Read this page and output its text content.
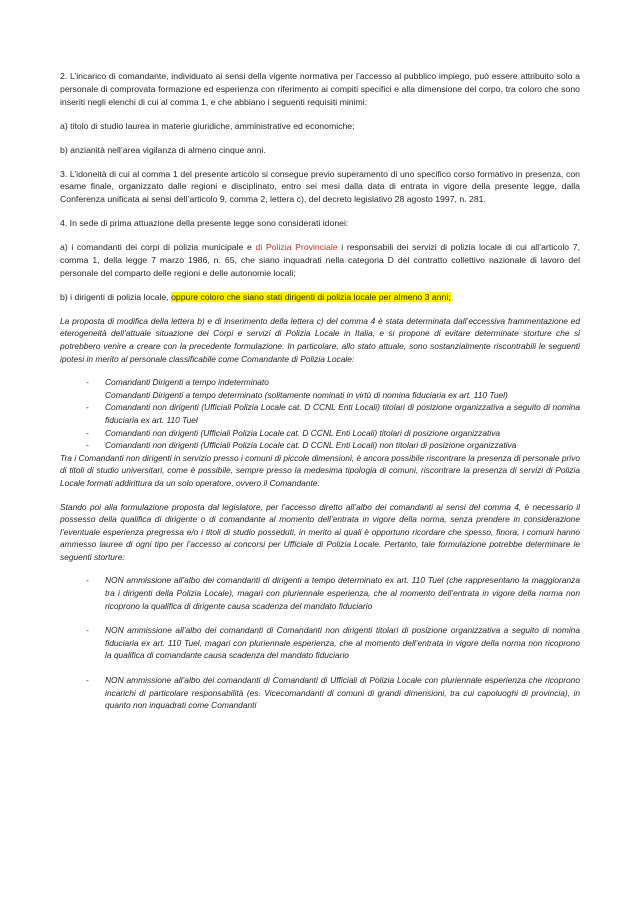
2. L’incarico di comandante, individuato ai sensi della vigente normativa per l’accesso al pubblico impiego, può essere attribuito solo a personale di comprovata formazione ed esperienza con riferimento ai compiti specifici e alla dimensione del corpo, tra coloro che sono inseriti negli elenchi di cui al comma 1, e che abbiano i seguenti requisiti minimi:

a) titolo di studio laurea in materie giuridiche, amministrative ed economiche;

b) anzianità nell’area vigilanza di almeno cinque anni.

3. L’idoneità di cui al comma 1 del presente articolo si consegue previo superamento di uno specifico corso formativo in presenza, con esame finale, organizzato dalle regioni e disciplinato, entro sei mesi dalla data di entrata in vigore della presente legge, dalla Conferenza unificata ai sensi dell’articolo 9, comma 2, lettera c), del decreto legislativo 28 agosto 1997, n. 281.

4. In sede di prima attuazione della presente legge sono considerati idonei:

a) i comandanti dei corpi di polizia municipale e di Polizia Provinciale i responsabili dei servizi di polizia locale di cui all’articolo 7, comma 1, della legge 7 marzo 1986, n. 65, che siano inquadrati nella categoria D del contratto collettivo nazionale di lavoro del personale del comparto delle regioni e delle autonomie locali;

b) i dirigenti di polizia locale, oppure coloro che siano stati dirigenti di polizia locale per almeno 3 anni;

La proposta di modifica della lettera b) e di inserimento della lettera c) del comma 4 è stata determinata dall’eccessiva frammentazione ed eterogeneità dell’attuale situazione dei Corpi e servizi di Polizia Locale in Italia, e si propone di evitare determinate storture che si potrebbero venire a creare con la precedente formulazione. In particolare, allo stato attuale, sono sostanzialmente riscontrabili le seguenti ipotesi in merito al personale classificabile come Comandante di Polizia Locale:

- Comandanti Dirigenti a tempo indeterminato
Comandanti Dirigenti a tempo determinato (solitamente nominati in virtù di nomina fiduciaria ex art. 110 Tuel)
- Comandanti non dirigenti (Ufficiali Polizia Locale cat. D CCNL Enti Locali) titolari di posizione organizzativa a seguito di nomina fiduciaria ex art. 110 Tuel
- Comandanti non dirigenti (Ufficiali Polizia Locale cat. D CCNL Enti Locali) titolari di posizione organizzativa
- Comandanti non dirigenti (Ufficiali Polizia Locale cat. D CCNL Enti Locali) non titolari di posizione organizzativa

Tra i Comandanti non dirigenti in servizio presso i comuni di piccole dimensioni, è ancora possibile riscontrare la presenza di personale privo di titoli di studio universitari, come è possibile, sempre presso la medesima tipologia di comuni, riscontrare la presenza di servizi di Polizia Locale formati addirittura da un solo operatore, ovvero il Comandante.

Stando poi alla formulazione proposta dal legislatore, per l’accesso diretto all’albo dei comandanti ai sensi del comma 4, è necessario il possesso della qualifica di dirigente o di comandante al momento dell’entrata in vigore della norma, senza prendere in considerazione l’eventuale esperienza pregressa e/o i titoli di studio posseduti, in merito ai quali è opportuno ricordare che spesso, finora, i comuni hanno ammesso lauree di ogni tipo per l’accesso ai concorsi per Ufficiale di Polizia Locale. Pertanto, tale formulazione potrebbe determinare le seguenti storture:

- NON ammissione all’albo dei comandanti di dirigenti a tempo determinato ex art. 110 Tuel (che rappresentano la maggioranza tra i dirigenti della Polizia Locale), magari con pluriennale esperienza, che al momento dell’entrata in vigore della norma non ricoprono la qualifica di dirigente causa scadenza del mandato fiduciario
- NON ammissione all’albo dei comandanti di Comandanti non dirigenti titolari di posizione organizzativa a seguito di nomina fiduciaria ex art. 110 Tuel, magari con pluriennale esperienza, che al momento dell’entrata in vigore della norma non ricoprono la qualifica di comandante causa scadenza del mandato fiduciario
- NON ammissione all’albo dei comandanti di Comandanti di Ufficiali di Polizia Locale con pluriennale esperienza che ricoprono incarichi di particolare responsabilità (es. Vicecomandanti di comuni di grandi dimensioni, tra cui capoluoghi di provincia), in quanto non inquadrati come Comandanti
